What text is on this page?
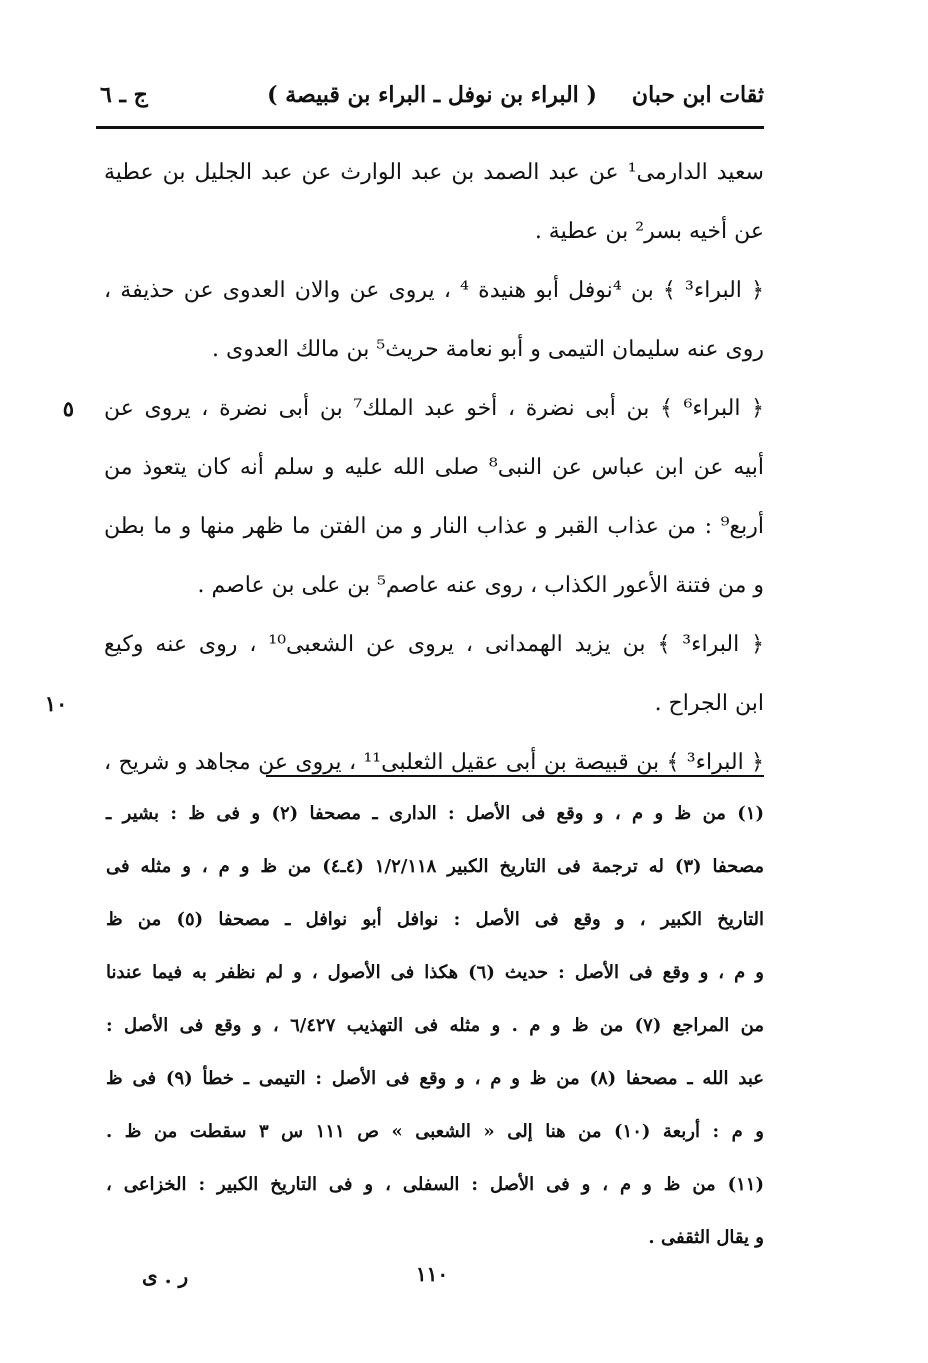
ثقات ابن حبان
( البراء بن نوفل ـ البراء بن قبيصة )
ج ـ ٦
سعيد الدارمى¹ عن عبد الصمد بن عبد الوارث عن عبد الجليل بن عطية
عن أخيه بسر² بن عطية .
﴿ البراء³ ﴾ بن ⁴نوفل أبو هنيدة ⁴ ، يروى عن والان العدوى عن حذيفة ،
روى عنه سليمان التيمى و أبو نعامة حريث⁵ بن مالك العدوى .
٥ ﴿ البراء⁶ ﴾ بن أبى نضرة ، أخو عبد الملك⁷ بن أبى نضرة ، يروى عن
أبيه عن ابن عباس عن النبى⁸ صلى الله عليه و سلم أنه كان يتعوذ من
أربع⁹ : من عذاب القبر و عذاب النار و من الفتن ما ظهر منها و ما بطن
و من فتنة الأعور الكذاب ، روى عنه عاصم⁵ بن على بن عاصم .
﴿ البراء³ ﴾ بن يزيد الهمدانى ، يروى عن الشعبى¹⁰ ، روى عنه وكيع
١٠	ابن الجراح .
﴿ البراء³ ﴾ بن قبيصة بن أبى عقيل الثعلبى¹¹ ، يروى عن مجاهد و شريح ،
(١) من ظ و م ، و وقع فى الأصل : الدارى ـ مصحفا (٢) و فى ظ : بشير ـ
مصحفا (٣) له ترجمة فى التاريخ الكبير ١/٢/١١٨ (٤ـ٤) من ظ و م ، و مثله فى
التاريخ الكبير ، و وقع فى الأصل : نوافل أبو نوافل ـ مصحفا (٥) من ظ
و م ، و وقع فى الأصل : حديث (٦) هكذا فى الأصول ، و لم نظفر به فيما عندنا
من المراجع (٧) من ظ و م . و مثله فى التهذيب ٦/٤٢٧ ، و وقع فى الأصل :
عبد الله ـ مصحفا (٨) من ظ و م ، و وقع فى الأصل : التيمى ـ خطأ (٩) فى ظ
و م : أربعة (١٠) من هنا إلى « الشعبى » ص ١١١ س ٣ سقطت من ظ .
(١١) من ظ و م ، و فى الأصل : السفلى ، و فى التاريخ الكبير : الخزاعى ،
و يقال الثقفى .
١١٠
ر . ى
